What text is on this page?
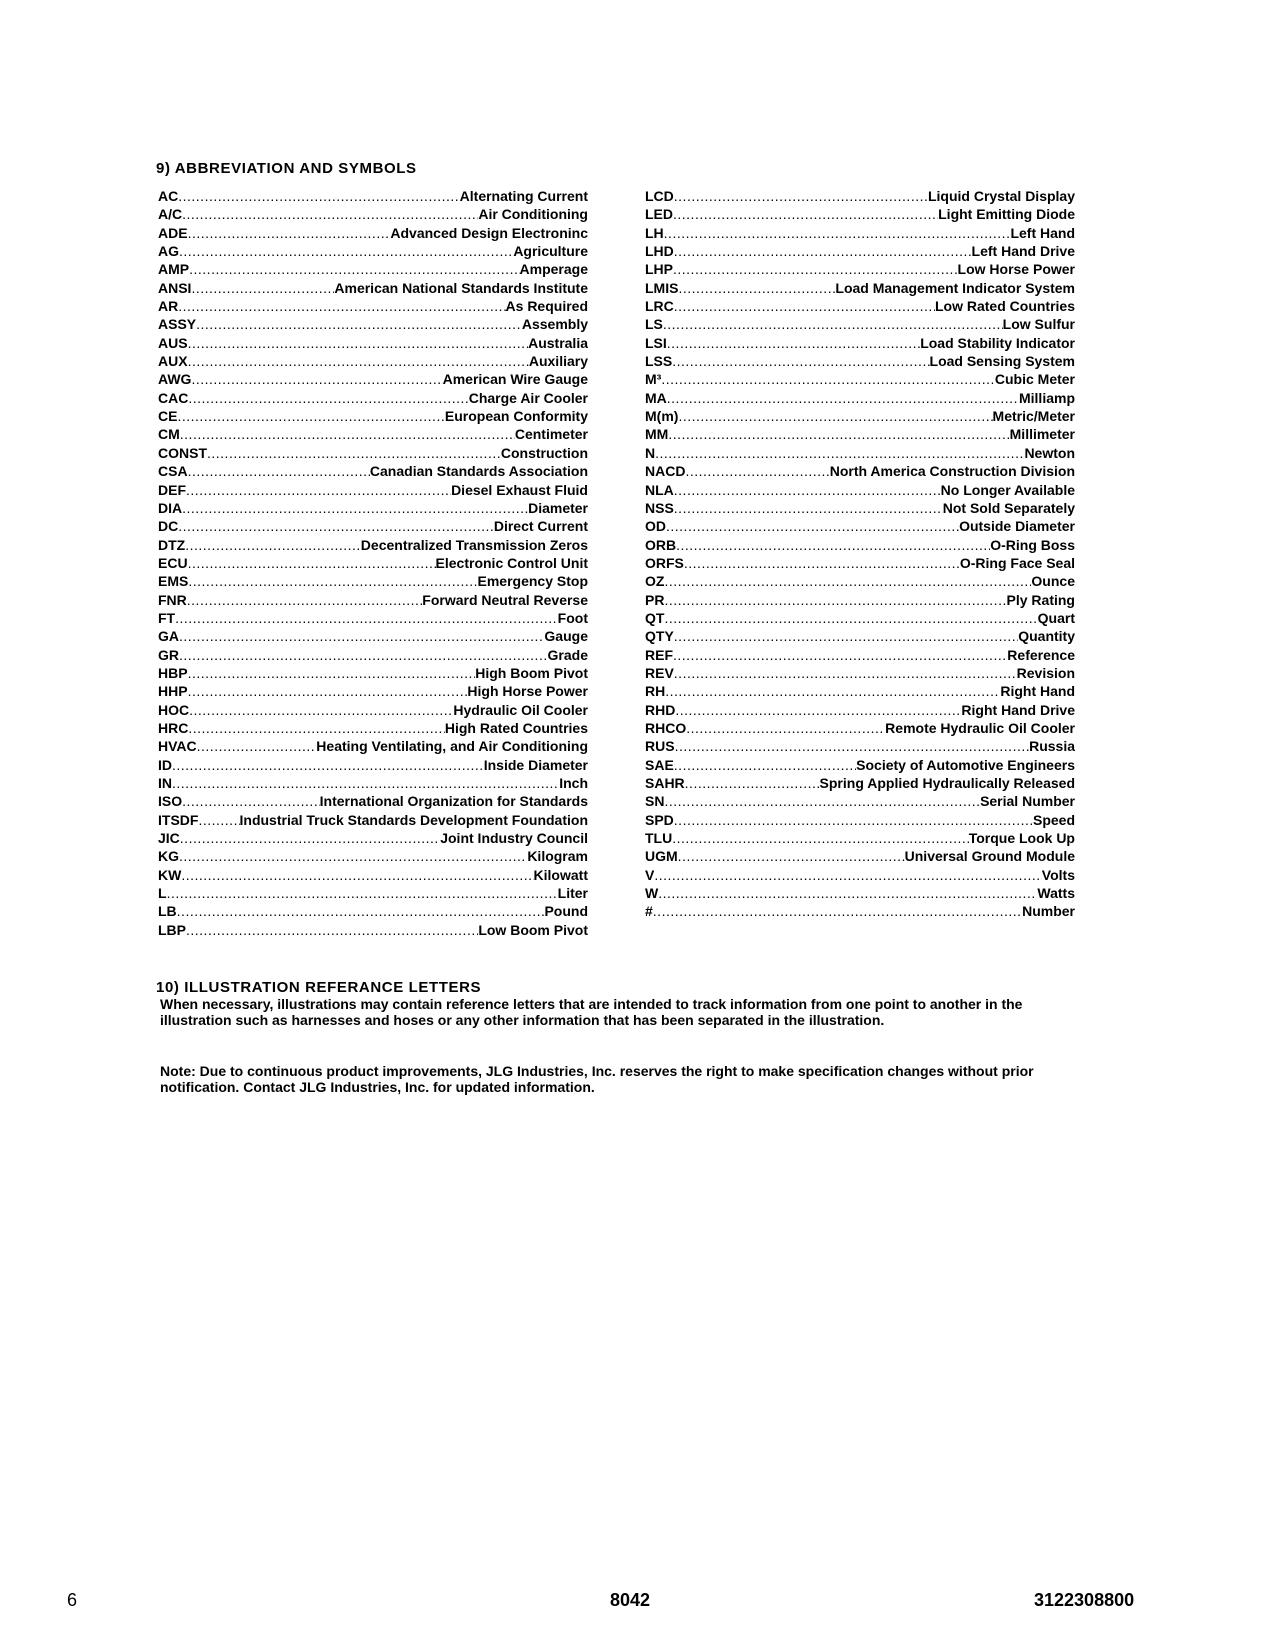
9) ABBREVIATION AND SYMBOLS
AC .....	Alternating Current
A/C .....	Air Conditioning
ADE .....	Advanced Design Electroninc
AG .....	Agriculture
AMP .....	Amperage
ANSI .....	American National Standards Institute
AR .....	As Required
ASSY .....	Assembly
AUS .....	Australia
AUX .....	Auxiliary
AWG .....	American Wire Gauge
CAC .....	Charge Air Cooler
CE .....	European Conformity
CM .....	Centimeter
CONST .....	Construction
CSA .....	Canadian Standards Association
DEF .....	Diesel Exhaust Fluid
DIA .....	Diameter
DC .....	Direct Current
DTZ .....	Decentralized Transmission Zeros
ECU .....	Electronic Control Unit
EMS .....	Emergency Stop
FNR .....	Forward Neutral Reverse
FT .....	Foot
GA .....	Gauge
GR .....	Grade
HBP .....	High Boom Pivot
HHP .....	High Horse Power
HOC .....	Hydraulic Oil Cooler
HRC .....	High Rated Countries
HVAC .....	Heating Ventilating, and Air Conditioning
ID .....	Inside Diameter
IN .....	Inch
ISO .....	International Organization for Standards
ITSDF .....	Industrial Truck Standards Development Foundation
JIC .....	Joint Industry Council
KG .....	Kilogram
KW .....	Kilowatt
L .....	Liter
LB .....	Pound
LBP .....	Low Boom Pivot
LCD .....	Liquid Crystal Display
LED .....	Light Emitting Diode
LH .....	Left Hand
LHD .....	Left Hand Drive
LHP .....	Low Horse Power
LMIS .....	Load Management Indicator System
LRC .....	Low Rated Countries
LS .....	Low Sulfur
LSI .....	Load Stability Indicator
LSS .....	Load Sensing System
M³ .....	Cubic Meter
MA .....	Milliamp
M(m) .....	Metric/Meter
MM .....	Millimeter
N .....	Newton
NACD .....	North America Construction Division
NLA .....	No Longer Available
NSS .....	Not Sold Separately
OD .....	Outside Diameter
ORB .....	O-Ring Boss
ORFS .....	O-Ring Face Seal
OZ .....	Ounce
PR .....	Ply Rating
QT .....	Quart
QTY .....	Quantity
REF .....	Reference
REV .....	Revision
RH .....	Right Hand
RHD .....	Right Hand Drive
RHCO .....	Remote Hydraulic Oil Cooler
RUS .....	Russia
SAE .....	Society of Automotive Engineers
SAHR .....	Spring Applied Hydraulically Released
SN .....	Serial Number
SPD .....	Speed
TLU .....	Torque Look Up
UGM .....	Universal Ground Module
V .....	Volts
W .....	Watts
# .....	Number
10) ILLUSTRATION REFERANCE LETTERS
When necessary, illustrations may contain reference letters that are intended to track information from one point to another in the
illustration such as harnesses and hoses or any other information that has been separated in the illustration.
Note: Due to continuous product improvements, JLG Industries, Inc. reserves the right to make specification changes without prior
notification. Contact JLG Industries, Inc. for updated information.
6	8042	3122308800
